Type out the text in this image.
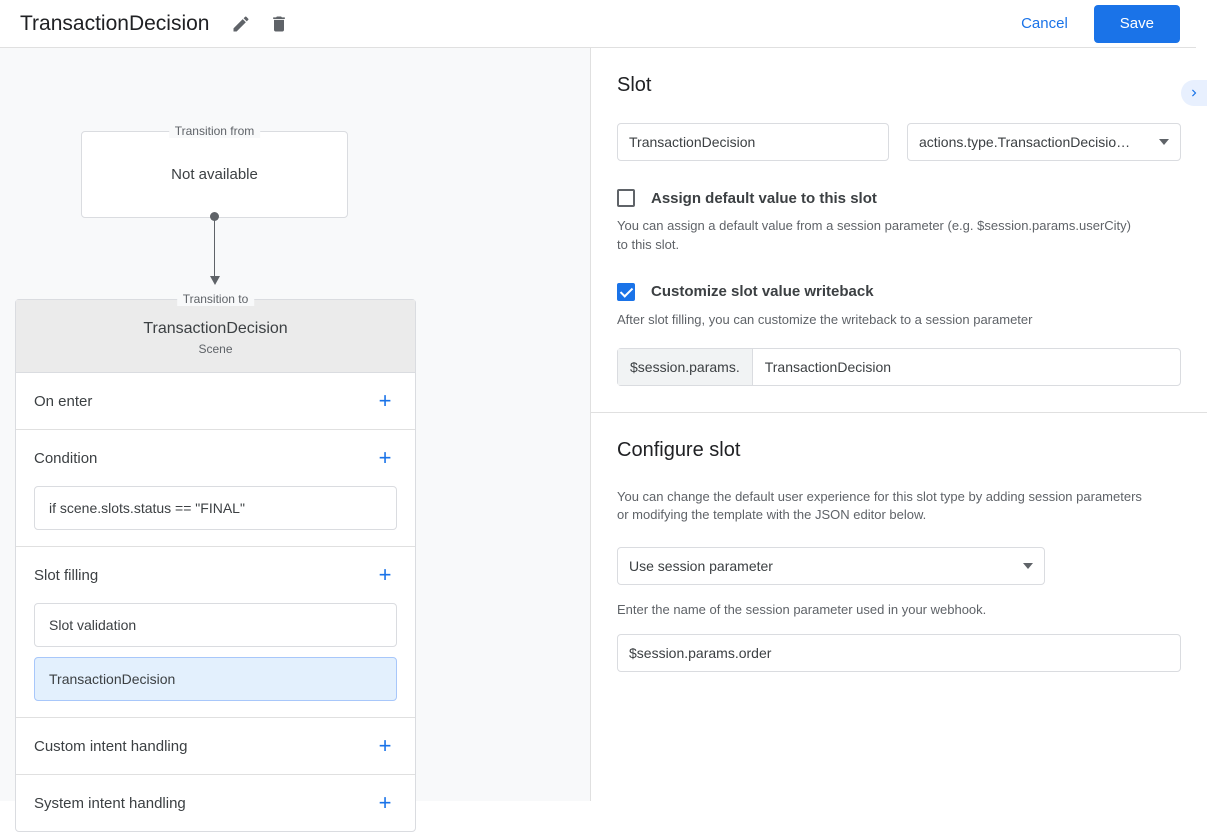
TransactionDecision	Cancel	Save
Transition from
Not available
Transition to
TransactionDecision
Scene
On enter	+
Condition	+
if scene.slots.status == "FINAL"
Slot filling	+
Slot validation
TransactionDecision
Custom intent handling	+
System intent handling	+
Slot
TransactionDecision	actions.type.TransactionDecisio…
Assign default value to this slot
You can assign a default value from a session parameter (e.g. $session.params.userCity) to this slot.
Customize slot value writeback
After slot filling, you can customize the writeback to a session parameter
$session.params.	TransactionDecision
Configure slot
You can change the default user experience for this slot type by adding session parameters or modifying the template with the JSON editor below.
Use session parameter
Enter the name of the session parameter used in your webhook.
$session.params.order
